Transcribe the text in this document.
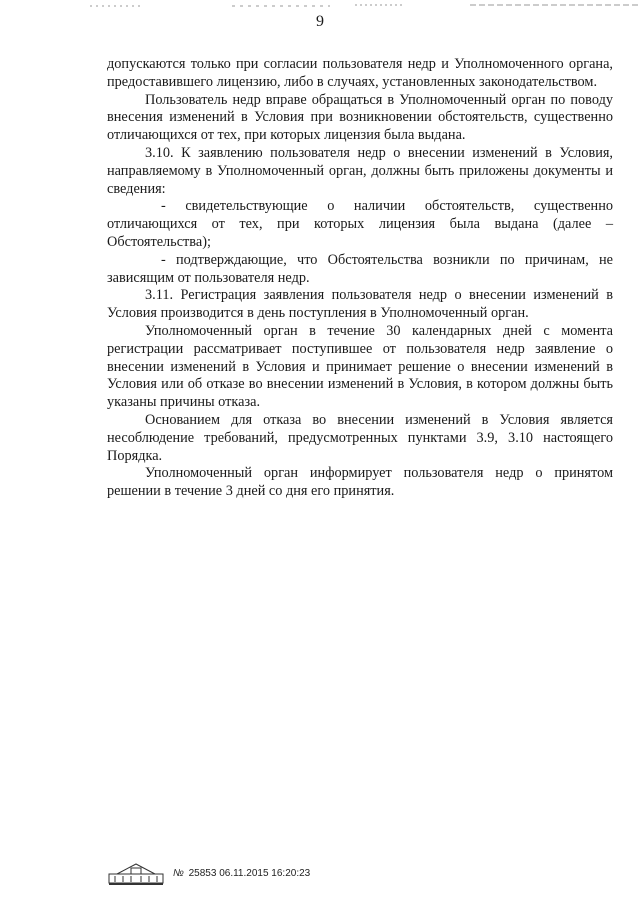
9

допускаются только при согласии пользователя недр и Уполномоченного органа, предоставившего лицензию, либо в случаях, установленных законодательством.

Пользователь недр вправе обращаться в Уполномоченный орган по поводу внесения изменений в Условия при возникновении обстоятельств, существенно отличающихся от тех, при которых лицензия была выдана.

3.10. К заявлению пользователя недр о внесении изменений в Условия, направляемому в Уполномоченный орган, должны быть приложены документы и сведения:

- свидетельствующие о наличии обстоятельств, существенно отличающихся от тех, при которых лицензия была выдана (далее – Обстоятельства);

- подтверждающие, что Обстоятельства возникли по причинам, не зависящим от пользователя недр.

3.11. Регистрация заявления пользователя недр о внесении изменений в Условия производится в день поступления в Уполномоченный орган.

Уполномоченный орган в течение 30 календарных дней с момента регистрации рассматривает поступившее от пользователя недр заявление о внесении изменений в Условия и принимает решение о внесении изменений в Условия или об отказе во внесении изменений в Условия, в котором должны быть указаны причины отказа.

Основанием для отказа во внесении изменений в Условия является несоблюдение требований, предусмотренных пунктами 3.9, 3.10 настоящего Порядка.

Уполномоченный орган информирует пользователя недр о принятом решении в течение 3 дней со дня его принятия.

№ 25853 06.11.2015 16:20:23
